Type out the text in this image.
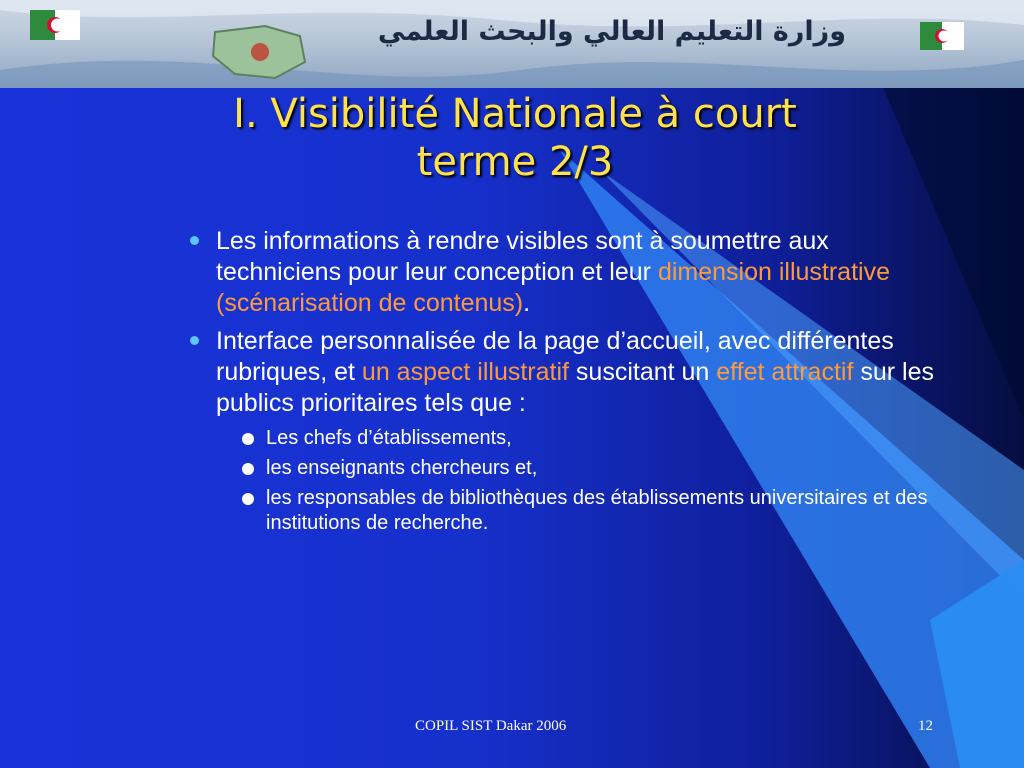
وزارة التعليم العالي والبحث العلمي
I. Visibilité Nationale à court
terme 2/3
Les informations à rendre visibles sont à soumettre aux techniciens pour leur conception et leur dimension illustrative (scénarisation de contenus).
Interface personnalisée de la page d’accueil, avec différentes rubriques, et un aspect illustratif suscitant un effet attractif sur les publics prioritaires tels que :
Les chefs d’établissements,
les enseignants chercheurs et,
les responsables de bibliothèques des établissements universitaires et des institutions de recherche.
COPIL SIST Dakar 2006	12
